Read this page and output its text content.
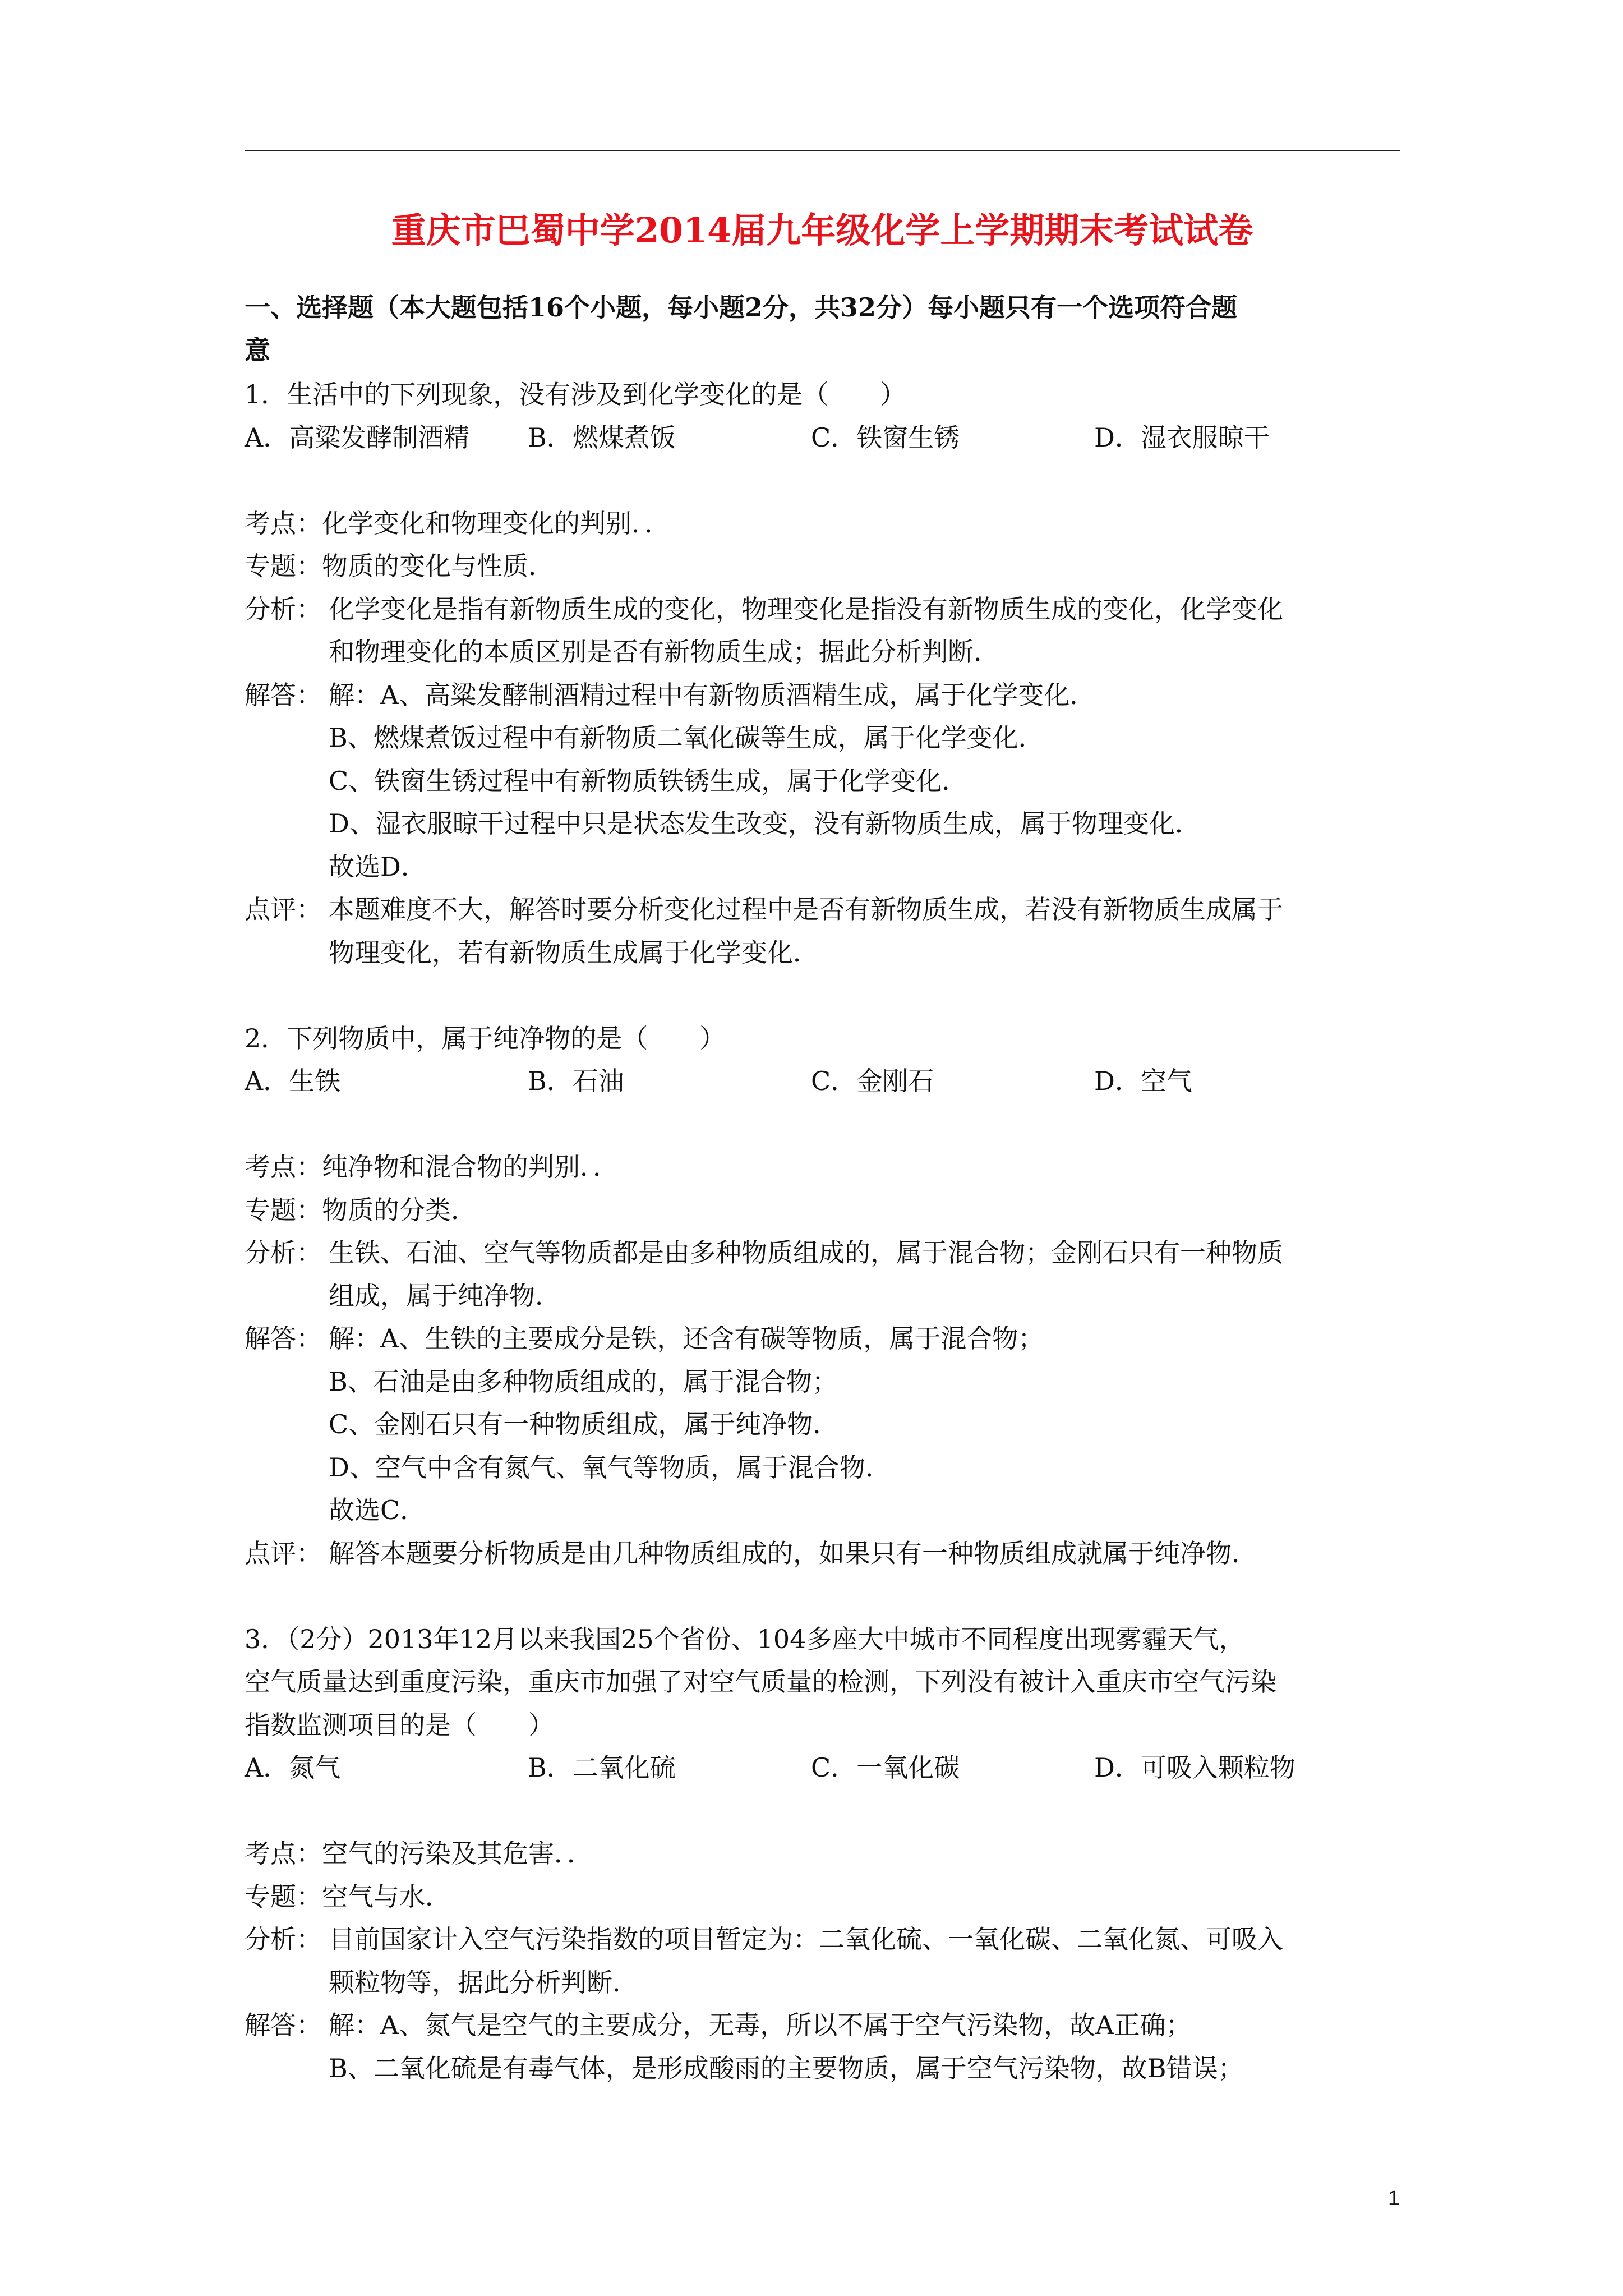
重庆市巴蜀中学2014届九年级化学上学期期末考试试卷
一、选择题（本大题包括16个小题，每小题2分，共32分）每小题只有一个选项符合题
意
1．生活中的下列现象，没有涉及到化学变化的是（　　）
A．高粱发酵制酒精	B．燃煤煮饭	C．铁窗生锈	D．湿衣服晾干
考点：化学变化和物理变化的判别．．
专题：物质的变化与性质．
分析： 化学变化是指有新物质生成的变化，物理变化是指没有新物质生成的变化，化学变化
和物理变化的本质区别是否有新物质生成；据此分析判断．
解答： 解：A、高粱发酵制酒精过程中有新物质酒精生成，属于化学变化．
B、燃煤煮饭过程中有新物质二氧化碳等生成，属于化学变化．
C、铁窗生锈过程中有新物质铁锈生成，属于化学变化．
D、湿衣服晾干过程中只是状态发生改变，没有新物质生成，属于物理变化．
故选D．
点评： 本题难度不大，解答时要分析变化过程中是否有新物质生成，若没有新物质生成属于
物理变化，若有新物质生成属于化学变化．
2．下列物质中，属于纯净物的是（　　）
A．生铁	B．石油	C．金刚石	D．空气
考点：纯净物和混合物的判别．．
专题：物质的分类．
分析： 生铁、石油、空气等物质都是由多种物质组成的，属于混合物；金刚石只有一种物质
组成，属于纯净物．
解答： 解：A、生铁的主要成分是铁，还含有碳等物质，属于混合物；
B、石油是由多种物质组成的，属于混合物；
C、金刚石只有一种物质组成，属于纯净物．
D、空气中含有氮气、氧气等物质，属于混合物．
故选C．
点评： 解答本题要分析物质是由几种物质组成的，如果只有一种物质组成就属于纯净物．
3．（2分）2013年12月以来我国25个省份、104多座大中城市不同程度出现雾霾天气，
空气质量达到重度污染，重庆市加强了对空气质量的检测，下列没有被计入重庆市空气污染
指数监测项目的是（　　）
A．氮气	B．二氧化硫	C．一氧化碳	D．可吸入颗粒物
考点：空气的污染及其危害．．
专题：空气与水．
分析： 目前国家计入空气污染指数的项目暂定为：二氧化硫、一氧化碳、二氧化氮、可吸入
颗粒物等，据此分析判断．
解答： 解：A、氮气是空气的主要成分，无毒，所以不属于空气污染物，故A正确；
B、二氧化硫是有毒气体，是形成酸雨的主要物质，属于空气污染物，故B错误；
1
